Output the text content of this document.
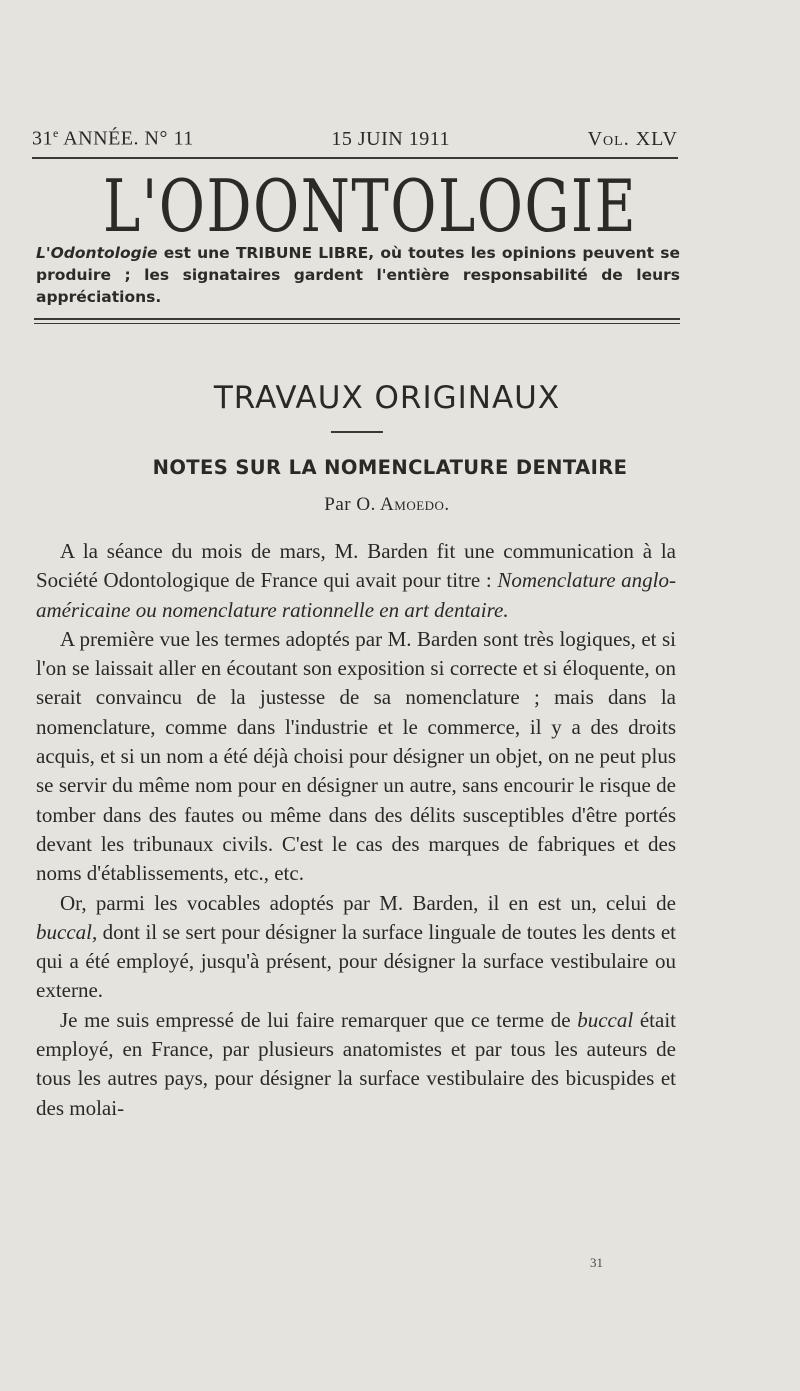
31e ANNÉE. N° 11	15 JUIN 1911	Vol. XLV
L'ODONTOLOGIE
L'Odontologie est une TRIBUNE LIBRE, où toutes les opinions peuvent se produire ; les signataires gardent l'entière responsabilité de leurs appréciations.
TRAVAUX ORIGINAUX
NOTES SUR LA NOMENCLATURE DENTAIRE
Par O. Amoedo.

A la séance du mois de mars, M. Barden fit une communication à la Société Odontologique de France qui avait pour titre : Nomenclature anglo-américaine ou nomenclature rationnelle en art dentaire.

A première vue les termes adoptés par M. Barden sont très logiques, et si l'on se laissait aller en écoutant son exposition si correcte et si éloquente, on serait convaincu de la justesse de sa nomenclature ; mais dans la nomenclature, comme dans l'industrie et le commerce, il y a des droits acquis, et si un nom a été déjà choisi pour désigner un objet, on ne peut plus se servir du même nom pour en désigner un autre, sans encourir le risque de tomber dans des fautes ou même dans des délits susceptibles d'être portés devant les tribunaux civils. C'est le cas des marques de fabriques et des noms d'établissements, etc., etc.

Or, parmi les vocables adoptés par M. Barden, il en est un, celui de buccal, dont il se sert pour désigner la surface linguale de toutes les dents et qui a été employé, jusqu'à présent, pour désigner la surface vestibulaire ou externe.

Je me suis empressé de lui faire remarquer que ce terme de buccal était employé, en France, par plusieurs anatomistes et par tous les auteurs de tous les autres pays, pour désigner la surface vestibulaire des bicuspides et des molai-

31
